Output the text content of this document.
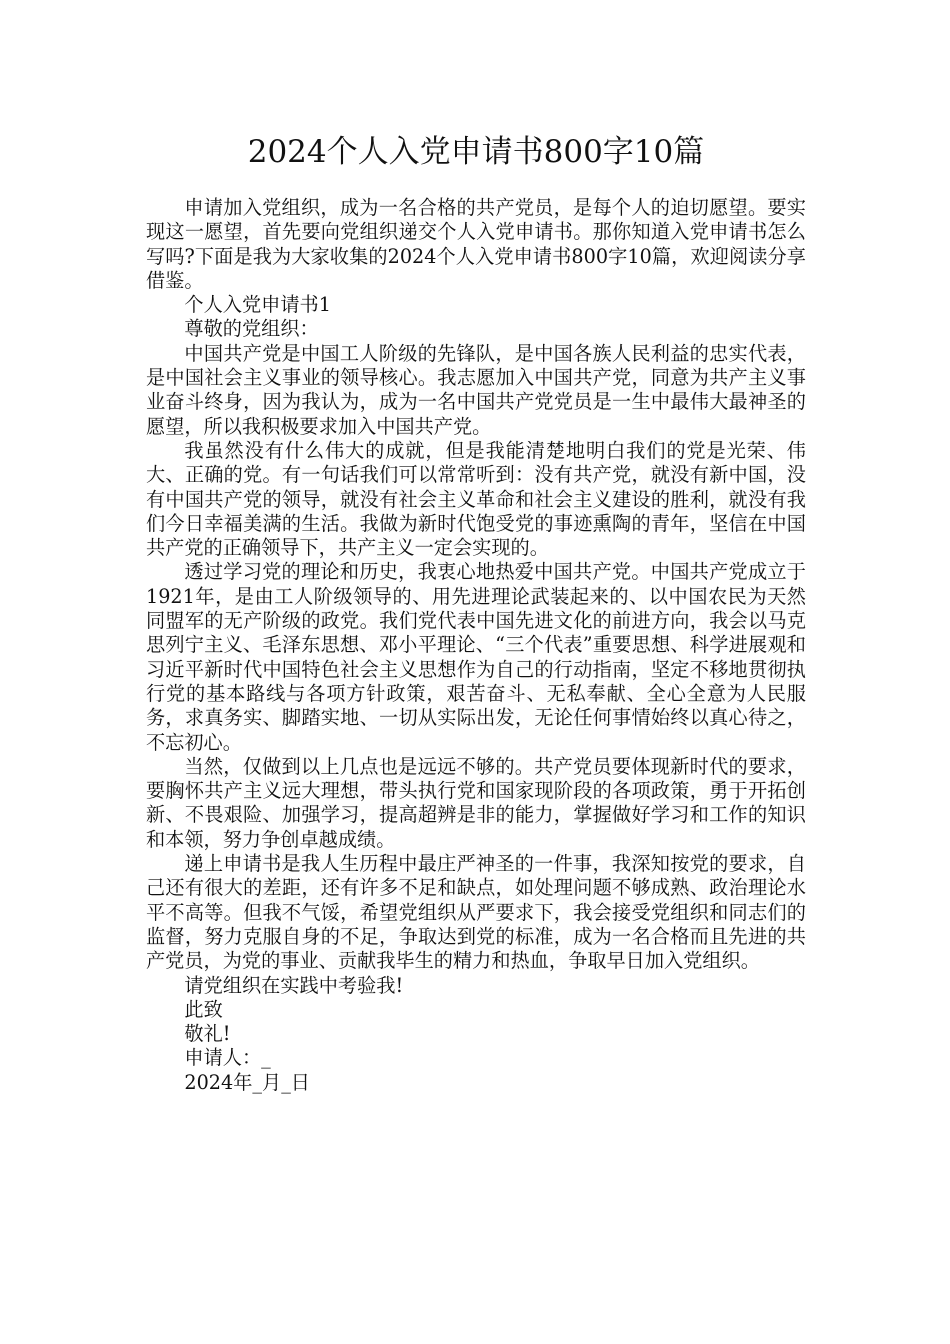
2024个人入党申请书800字10篇

申请加入党组织，成为一名合格的共产党员，是每个人的迫切愿望。要实现这一愿望，首先要向党组织递交个人入党申请书。那你知道入党申请书怎么写吗?下面是我为大家收集的2024个人入党申请书800字10篇，欢迎阅读分享借鉴。

个人入党申请书1

尊敬的党组织：

中国共产党是中国工人阶级的先锋队，是中国各族人民利益的忠实代表，是中国社会主义事业的领导核心。我志愿加入中国共产党，同意为共产主义事业奋斗终身，因为我认为，成为一名中国共产党党员是一生中最伟大最神圣的愿望，所以我积极要求加入中国共产党。

我虽然没有什么伟大的成就，但是我能清楚地明白我们的党是光荣、伟大、正确的党。有一句话我们可以常常听到：没有共产党，就没有新中国，没有中国共产党的领导，就没有社会主义革命和社会主义建设的胜利，就没有我们今日幸福美满的生活。我做为新时代饱受党的事迹熏陶的青年，坚信在中国共产党的正确领导下，共产主义一定会实现的。

透过学习党的理论和历史，我衷心地热爱中国共产党。中国共产党成立于1921年，是由工人阶级领导的、用先进理论武装起来的、以中国农民为天然同盟军的无产阶级的政党。我们党代表中国先进文化的前进方向，我会以马克思列宁主义、毛泽东思想、邓小平理论、“三个代表”重要思想、科学进展观和习近平新时代中国特色社会主义思想作为自己的行动指南，坚定不移地贯彻执行党的基本路线与各项方针政策，艰苦奋斗、无私奉献、全心全意为人民服务，求真务实、脚踏实地、一切从实际出发，无论任何事情始终以真心待之，不忘初心。

当然，仅做到以上几点也是远远不够的。共产党员要体现新时代的要求，要胸怀共产主义远大理想，带头执行党和国家现阶段的各项政策，勇于开拓创新、不畏艰险、加强学习，提高超辨是非的能力，掌握做好学习和工作的知识和本领，努力争创卓越成绩。

递上申请书是我人生历程中最庄严神圣的一件事，我深知按党的要求，自己还有很大的差距，还有许多不足和缺点，如处理问题不够成熟、政治理论水平不高等。但我不气馁，希望党组织从严要求下，我会接受党组织和同志们的监督，努力克服自身的不足，争取达到党的标准，成为一名合格而且先进的共产党员，为党的事业、贡献我毕生的精力和热血，争取早日加入党组织。

请党组织在实践中考验我!

此致

敬礼!

申请人：_

2024年_月_日
